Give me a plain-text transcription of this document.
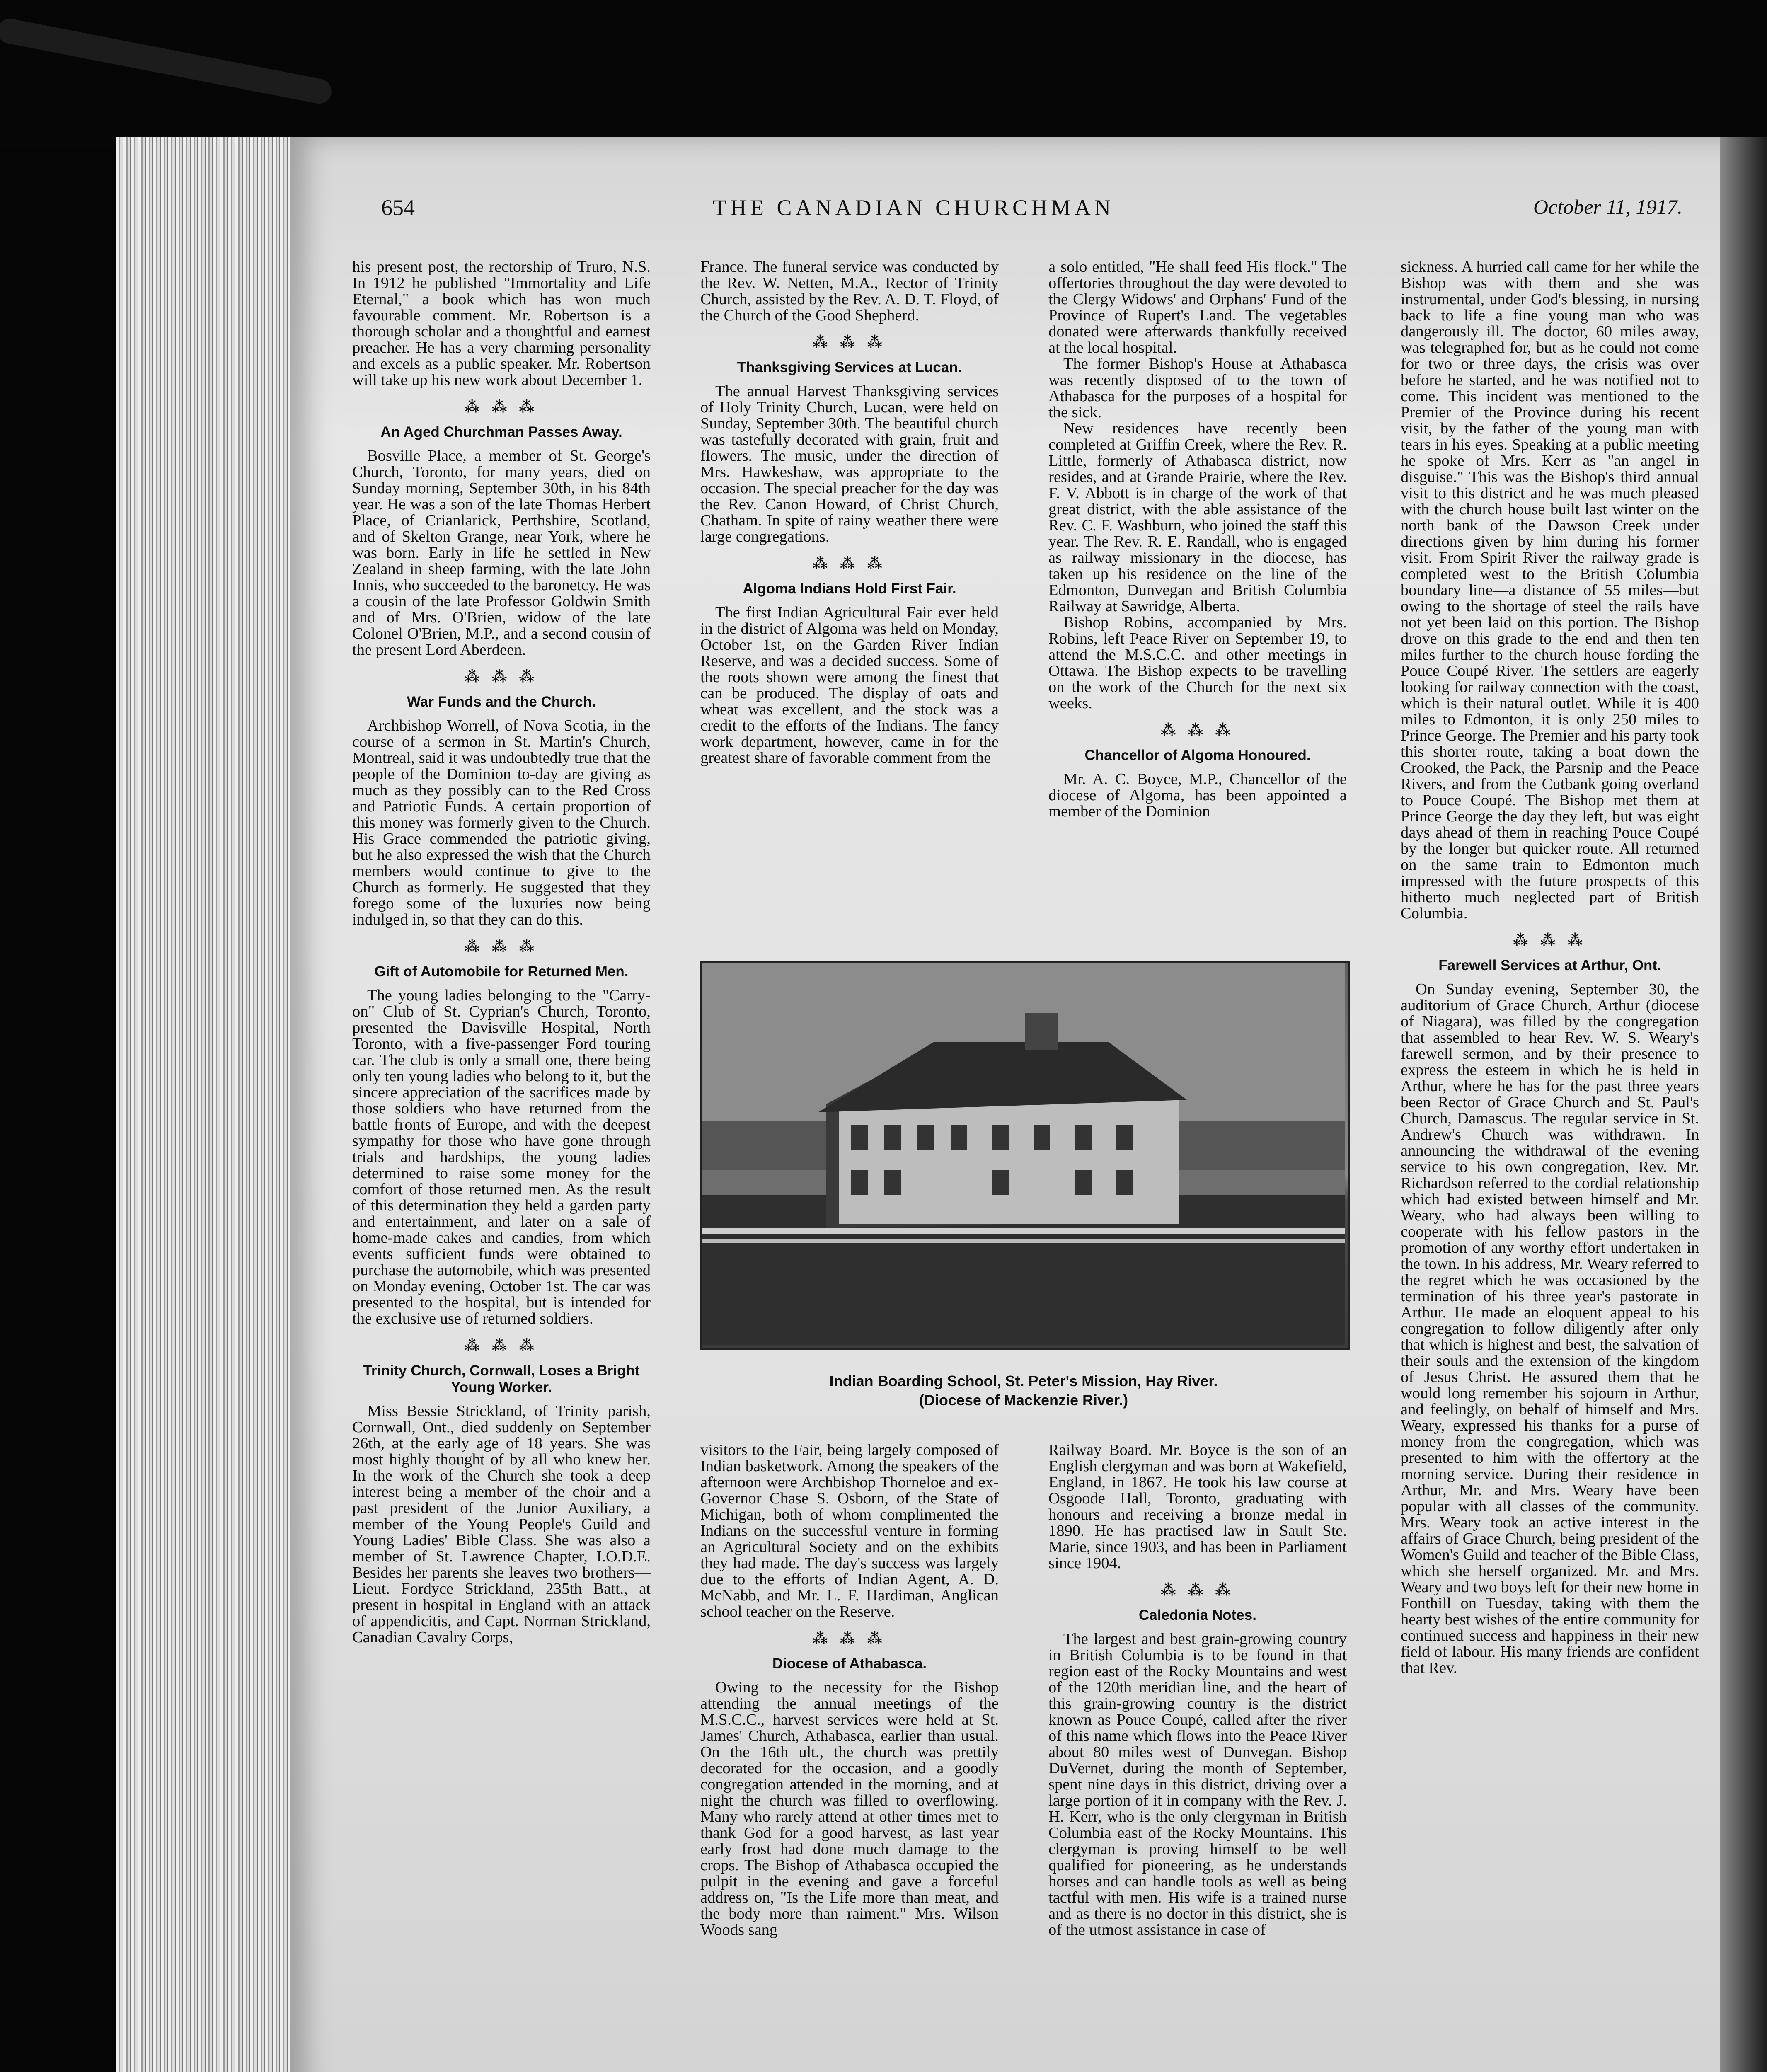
654	THE CANADIAN CHURCHMAN	October 11, 1917.

his present post, the rectorship of Truro, N.S. In 1912 he published "Immortality and Life Eternal," a book which has won much favourable comment. Mr. Robertson is a thorough scholar and a thoughtful and earnest preacher. He has a very charming personality and excels as a public speaker. Mr. Robertson will take up his new work about December 1.

⁂ ⁂ ⁂
An Aged Churchman Passes Away.

Bosville Place, a member of St. George's Church, Toronto, for many years, died on Sunday morning, September 30th, in his 84th year. He was a son of the late Thomas Herbert Place, of Crianlarick, Perthshire, Scotland, and of Skelton Grange, near York, where he was born. Early in life he settled in New Zealand in sheep farming, with the late John Innis, who succeeded to the baronetcy. He was a cousin of the late Professor Goldwin Smith and of Mrs. O'Brien, widow of the late Colonel O'Brien, M.P., and a second cousin of the present Lord Aberdeen.

⁂ ⁂ ⁂
War Funds and the Church.

Archbishop Worrell, of Nova Scotia, in the course of a sermon in St. Martin's Church, Montreal, said it was undoubtedly true that the people of the Dominion to-day are giving as much as they possibly can to the Red Cross and Patriotic Funds. A certain proportion of this money was formerly given to the Church. His Grace commended the patriotic giving, but he also expressed the wish that the Church members would continue to give to the Church as formerly. He suggested that they forego some of the luxuries now being indulged in, so that they can do this.

⁂ ⁂ ⁂
Gift of Automobile for Returned Men.

The young ladies belonging to the "Carry-on" Club of St. Cyprian's Church, Toronto, presented the Davisville Hospital, North Toronto, with a five-passenger Ford touring car. The club is only a small one, there being only ten young ladies who belong to it, but the sincere appreciation of the sacrifices made by those soldiers who have returned from the battle fronts of Europe, and with the deepest sympathy for those who have gone through trials and hardships, the young ladies determined to raise some money for the comfort of those returned men. As the result of this determination they held a garden party and entertainment, and later on a sale of home-made cakes and candies, from which events sufficient funds were obtained to purchase the automobile, which was presented on Monday evening, October 1st. The car was presented to the hospital, but is intended for the exclusive use of returned soldiers.

⁂ ⁂ ⁂
Trinity Church, Cornwall, Loses a Bright Young Worker.

Miss Bessie Strickland, of Trinity parish, Cornwall, Ont., died suddenly on September 26th, at the early age of 18 years. She was most highly thought of by all who knew her. In the work of the Church she took a deep interest being a member of the choir and a past president of the Junior Auxiliary, a member of the Young People's Guild and Young Ladies' Bible Class. She was also a member of St. Lawrence Chapter, I.O.D.E. Besides her parents she leaves two brothers—Lieut. Fordyce Strickland, 235th Batt., at present in hospital in England with an attack of appendicitis, and Capt. Norman Strickland, Canadian Cavalry Corps,

France. The funeral service was conducted by the Rev. W. Netten, M.A., Rector of Trinity Church, assisted by the Rev. A. D. T. Floyd, of the Church of the Good Shepherd.

⁂ ⁂ ⁂
Thanksgiving Services at Lucan.

The annual Harvest Thanksgiving services of Holy Trinity Church, Lucan, were held on Sunday, September 30th. The beautiful church was tastefully decorated with grain, fruit and flowers. The music, under the direction of Mrs. Hawkeshaw, was appropriate to the occasion. The special preacher for the day was the Rev. Canon Howard, of Christ Church, Chatham. In spite of rainy weather there were large congregations.

⁂ ⁂ ⁂
Algoma Indians Hold First Fair.

The first Indian Agricultural Fair ever held in the district of Algoma was held on Monday, October 1st, on the Garden River Indian Reserve, and was a decided success. Some of the roots shown were among the finest that can be produced. The display of oats and wheat was excellent, and the stock was a credit to the efforts of the Indians. The fancy work department, however, came in for the greatest share of favorable comment from the

a solo entitled, "He shall feed His flock." The offertories throughout the day were devoted to the Clergy Widows' and Orphans' Fund of the Province of Rupert's Land. The vegetables donated were afterwards thankfully received at the local hospital.

The former Bishop's House at Athabasca was recently disposed of to the town of Athabasca for the purposes of a hospital for the sick.

New residences have recently been completed at Griffin Creek, where the Rev. R. Little, formerly of Athabasca district, now resides, and at Grande Prairie, where the Rev. F. V. Abbott is in charge of the work of that great district, with the able assistance of the Rev. C. F. Washburn, who joined the staff this year. The Rev. R. E. Randall, who is engaged as railway missionary in the diocese, has taken up his residence on the line of the Edmonton, Dunvegan and British Columbia Railway at Sawridge, Alberta.

Bishop Robins, accompanied by Mrs. Robins, left Peace River on September 19, to attend the M.S.C.C. and other meetings in Ottawa. The Bishop expects to be travelling on the work of the Church for the next six weeks.

⁂ ⁂ ⁂
Chancellor of Algoma Honoured.

Mr. A. C. Boyce, M.P., Chancellor of the diocese of Algoma, has been appointed a member of the Dominion

Indian Boarding School, St. Peter's Mission, Hay River.
(Diocese of Mackenzie River.)

visitors to the Fair, being largely composed of Indian basketwork. Among the speakers of the afternoon were Archbishop Thorneloe and ex-Governor Chase S. Osborn, of the State of Michigan, both of whom complimented the Indians on the successful venture in forming an Agricultural Society and on the exhibits they had made. The day's success was largely due to the efforts of Indian Agent, A. D. McNabb, and Mr. L. F. Hardiman, Anglican school teacher on the Reserve.

⁂ ⁂ ⁂
Diocese of Athabasca.

Owing to the necessity for the Bishop attending the annual meetings of the M.S.C.C., harvest services were held at St. James' Church, Athabasca, earlier than usual. On the 16th ult., the church was prettily decorated for the occasion, and a goodly congregation attended in the morning, and at night the church was filled to overflowing. Many who rarely attend at other times met to thank God for a good harvest, as last year early frost had done much damage to the crops. The Bishop of Athabasca occupied the pulpit in the evening and gave a forceful address on, "Is the Life more than meat, and the body more than raiment." Mrs. Wilson Woods sang

Railway Board. Mr. Boyce is the son of an English clergyman and was born at Wakefield, England, in 1867. He took his law course at Osgoode Hall, Toronto, graduating with honours and receiving a bronze medal in 1890. He has practised law in Sault Ste. Marie, since 1903, and has been in Parliament since 1904.

⁂ ⁂ ⁂
Caledonia Notes.

The largest and best grain-growing country in British Columbia is to be found in that region east of the Rocky Mountains and west of the 120th meridian line, and the heart of this grain-growing country is the district known as Pouce Coupé, called after the river of this name which flows into the Peace River about 80 miles west of Dunvegan. Bishop DuVernet, during the month of September, spent nine days in this district, driving over a large portion of it in company with the Rev. J. H. Kerr, who is the only clergyman in British Columbia east of the Rocky Mountains. This clergyman is proving himself to be well qualified for pioneering, as he understands horses and can handle tools as well as being tactful with men. His wife is a trained nurse and as there is no doctor in this district, she is of the utmost assistance in case of

sickness. A hurried call came for her while the Bishop was with them and she was instrumental, under God's blessing, in nursing back to life a fine young man who was dangerously ill. The doctor, 60 miles away, was telegraphed for, but as he could not come for two or three days, the crisis was over before he started, and he was notified not to come. This incident was mentioned to the Premier of the Province during his recent visit, by the father of the young man with tears in his eyes. Speaking at a public meeting he spoke of Mrs. Kerr as "an angel in disguise." This was the Bishop's third annual visit to this district and he was much pleased with the church house built last winter on the north bank of the Dawson Creek under directions given by him during his former visit. From Spirit River the railway grade is completed west to the British Columbia boundary line—a distance of 55 miles—but owing to the shortage of steel the rails have not yet been laid on this portion. The Bishop drove on this grade to the end and then ten miles further to the church house fording the Pouce Coupé River. The settlers are eagerly looking for railway connection with the coast, which is their natural outlet. While it is 400 miles to Edmonton, it is only 250 miles to Prince George. The Premier and his party took this shorter route, taking a boat down the Crooked, the Pack, the Parsnip and the Peace Rivers, and from the Cutbank going overland to Pouce Coupé. The Bishop met them at Prince George the day they left, but was eight days ahead of them in reaching Pouce Coupé by the longer but quicker route. All returned on the same train to Edmonton much impressed with the future prospects of this hitherto much neglected part of British Columbia.

⁂ ⁂ ⁂
Farewell Services at Arthur, Ont.

On Sunday evening, September 30, the auditorium of Grace Church, Arthur (diocese of Niagara), was filled by the congregation that assembled to hear Rev. W. S. Weary's farewell sermon, and by their presence to express the esteem in which he is held in Arthur, where he has for the past three years been Rector of Grace Church and St. Paul's Church, Damascus. The regular service in St. Andrew's Church was withdrawn. In announcing the withdrawal of the evening service to his own congregation, Rev. Mr. Richardson referred to the cordial relationship which had existed between himself and Mr. Weary, who had always been willing to cooperate with his fellow pastors in the promotion of any worthy effort undertaken in the town. In his address, Mr. Weary referred to the regret which he was occasioned by the termination of his three year's pastorate in Arthur. He made an eloquent appeal to his congregation to follow diligently after only that which is highest and best, the salvation of their souls and the extension of the kingdom of Jesus Christ. He assured them that he would long remember his sojourn in Arthur, and feelingly, on behalf of himself and Mrs. Weary, expressed his thanks for a purse of money from the congregation, which was presented to him with the offertory at the morning service. During their residence in Arthur, Mr. and Mrs. Weary have been popular with all classes of the community. Mrs. Weary took an active interest in the affairs of Grace Church, being president of the Women's Guild and teacher of the Bible Class, which she herself organized. Mr. and Mrs. Weary and two boys left for their new home in Fonthill on Tuesday, taking with them the hearty best wishes of the entire community for continued success and happiness in their new field of labour. His many friends are confident that Rev.
